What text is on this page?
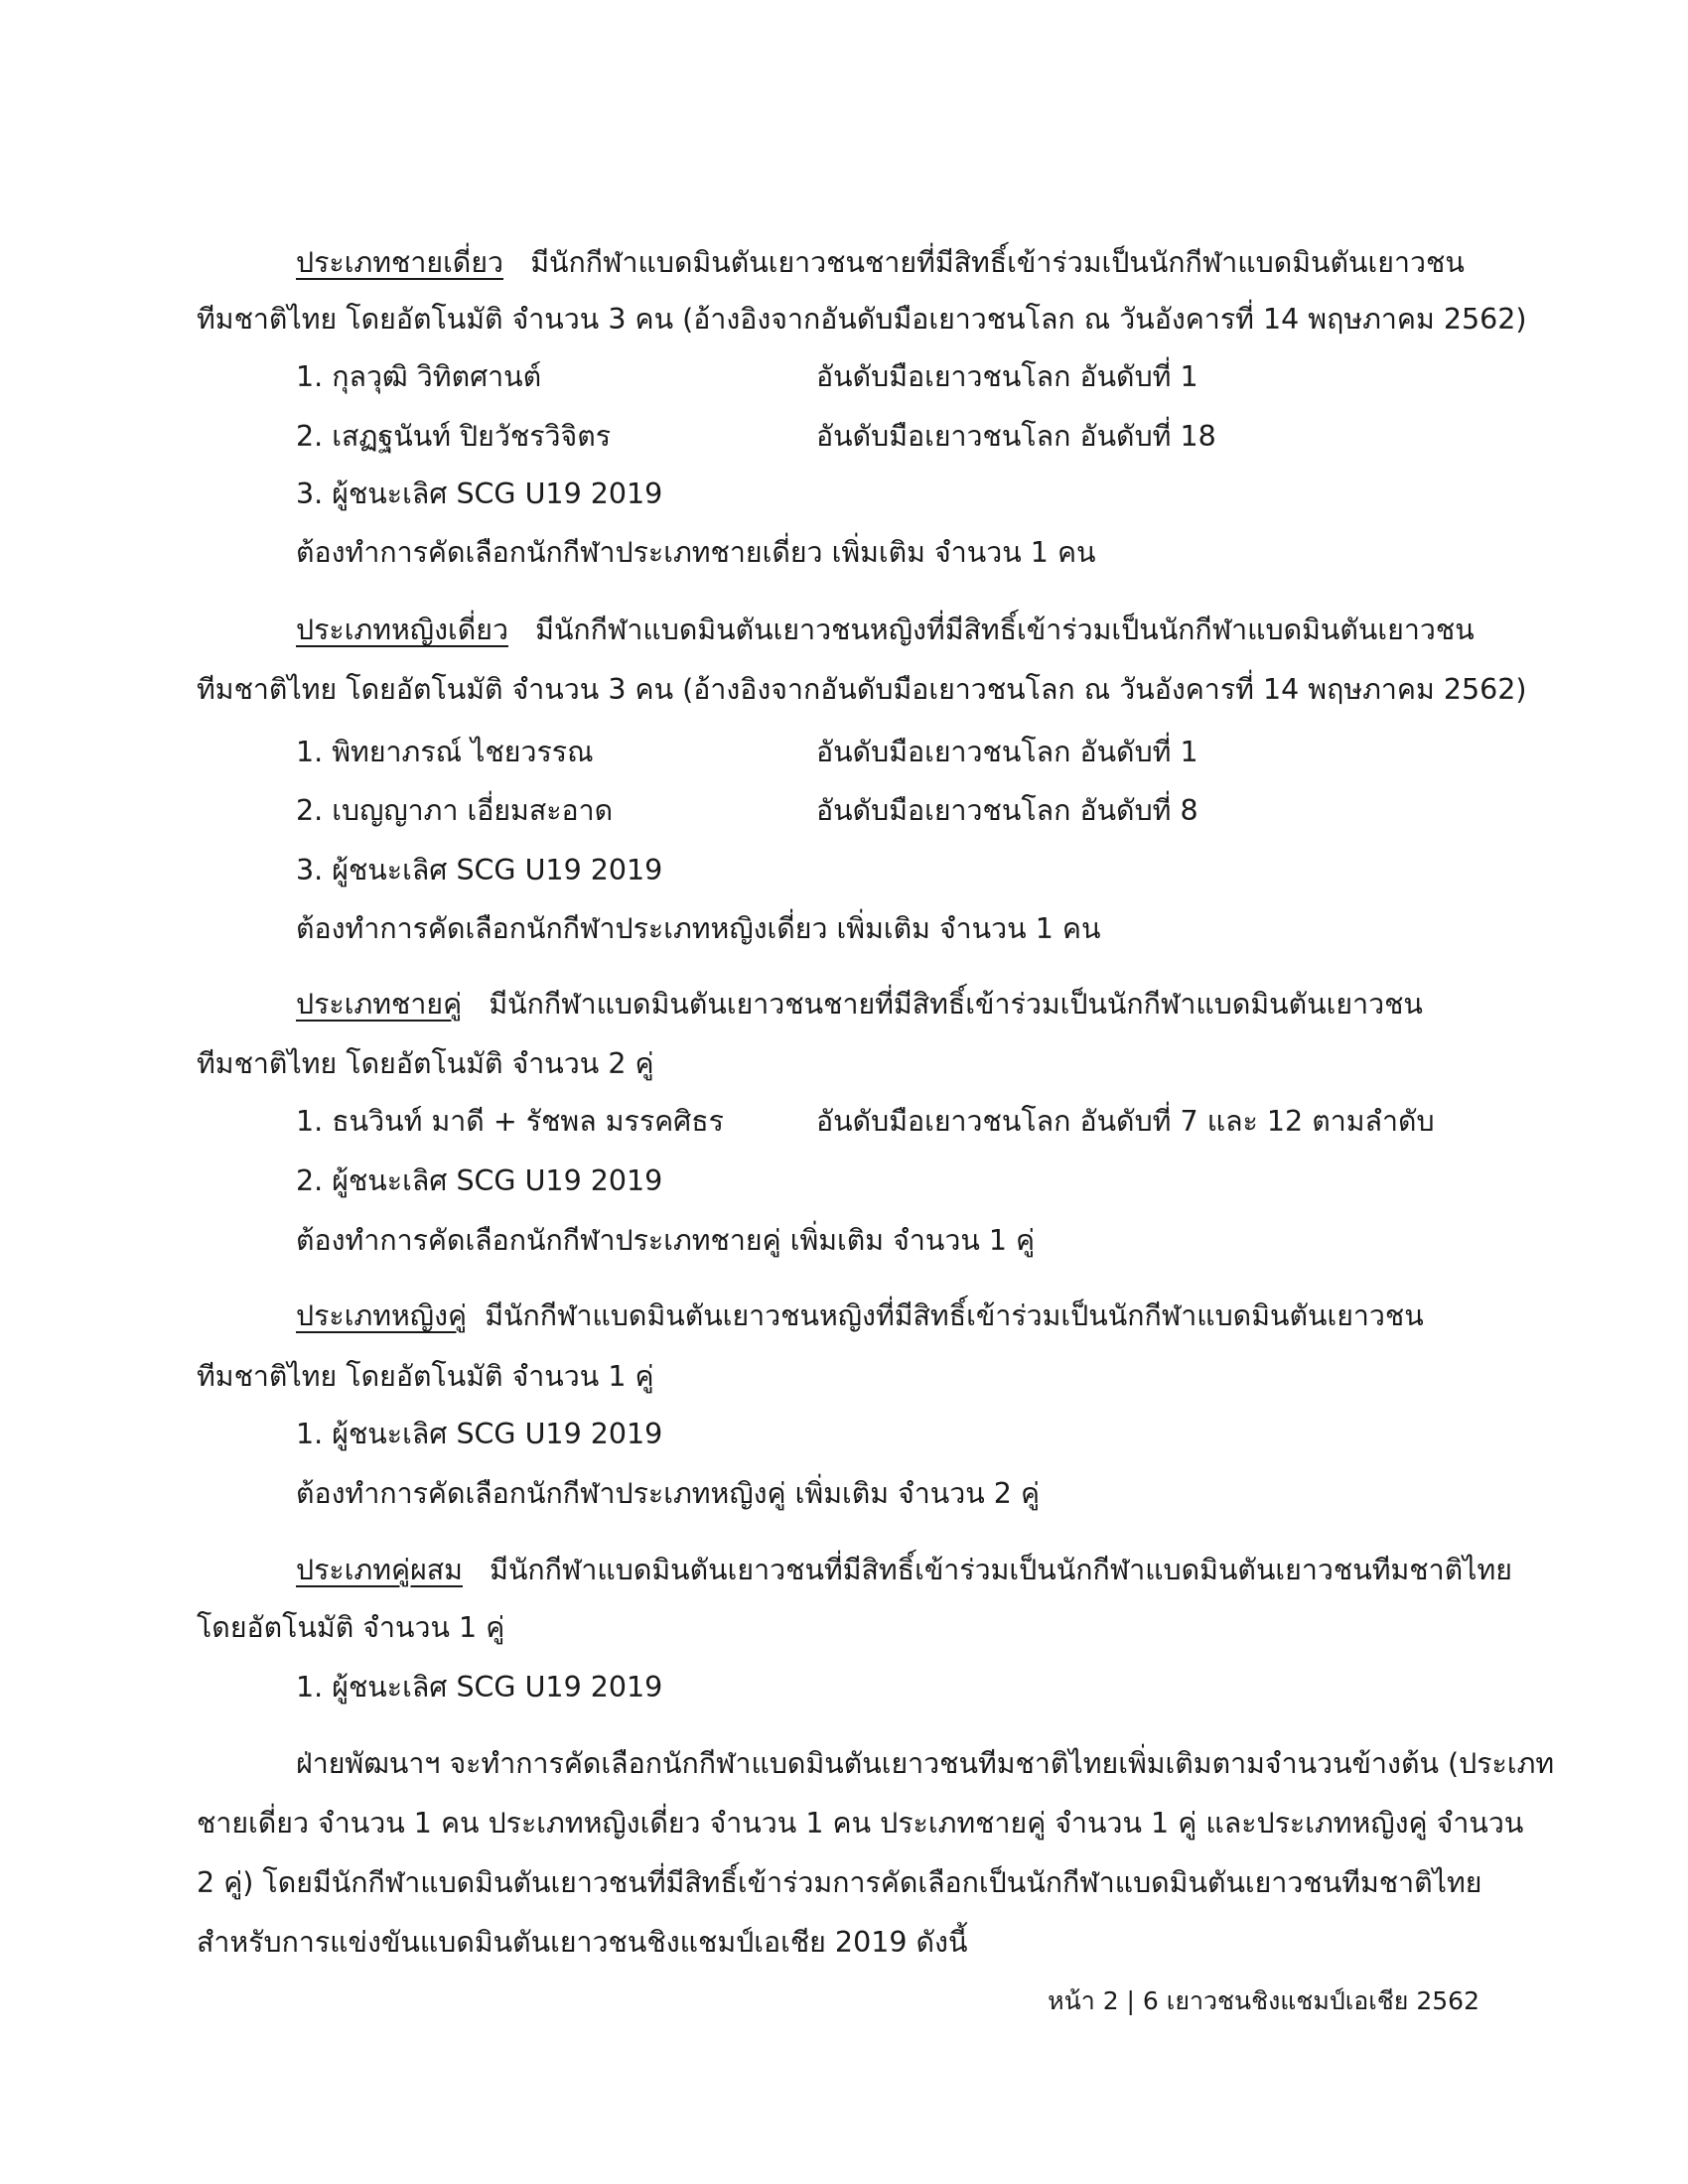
ประเภทชายเดี่ยว มีนักกีฬาแบดมินตันเยาวชนชายที่มีสิทธิ์เข้าร่วมเป็นนักกีฬาแบดมินตันเยาวชน
ทีมชาติไทย โดยอัตโนมัติ จำนวน 3 คน (อ้างอิงจากอันดับมือเยาวชนโลก ณ วันอังคารที่ 14 พฤษภาคม 2562)
1. กุลวุฒิ วิทิตศานต์	อันดับมือเยาวชนโลก อันดับที่ 1
2. เสฏฐนันท์ ปิยวัชรวิจิตร	อันดับมือเยาวชนโลก อันดับที่ 18
3. ผู้ชนะเลิศ SCG U19 2019
ต้องทำการคัดเลือกนักกีฬาประเภทชายเดี่ยว เพิ่มเติม จำนวน 1 คน
ประเภทหญิงเดี่ยว มีนักกีฬาแบดมินตันเยาวชนหญิงที่มีสิทธิ์เข้าร่วมเป็นนักกีฬาแบดมินตันเยาวชน
ทีมชาติไทย โดยอัตโนมัติ จำนวน 3 คน (อ้างอิงจากอันดับมือเยาวชนโลก ณ วันอังคารที่ 14 พฤษภาคม 2562)
1. พิทยาภรณ์ ไชยวรรณ	อันดับมือเยาวชนโลก อันดับที่ 1
2. เบญญาภา เอี่ยมสะอาด	อันดับมือเยาวชนโลก อันดับที่ 8
3. ผู้ชนะเลิศ SCG U19 2019
ต้องทำการคัดเลือกนักกีฬาประเภทหญิงเดี่ยว เพิ่มเติม จำนวน 1 คน
ประเภทชายคู่ มีนักกีฬาแบดมินตันเยาวชนชายที่มีสิทธิ์เข้าร่วมเป็นนักกีฬาแบดมินตันเยาวชน
ทีมชาติไทย โดยอัตโนมัติ จำนวน 2 คู่
1. ธนวินท์ มาดี + รัชพล มรรคศิธร	อันดับมือเยาวชนโลก อันดับที่ 7 และ 12 ตามลำดับ
2. ผู้ชนะเลิศ SCG U19 2019
ต้องทำการคัดเลือกนักกีฬาประเภทชายคู่ เพิ่มเติม จำนวน 1 คู่
ประเภทหญิงคู่ มีนักกีฬาแบดมินตันเยาวชนหญิงที่มีสิทธิ์เข้าร่วมเป็นนักกีฬาแบดมินตันเยาวชน
ทีมชาติไทย โดยอัตโนมัติ จำนวน 1 คู่
1. ผู้ชนะเลิศ SCG U19 2019
ต้องทำการคัดเลือกนักกีฬาประเภทหญิงคู่ เพิ่มเติม จำนวน 2 คู่
ประเภทคู่ผสม มีนักกีฬาแบดมินตันเยาวชนที่มีสิทธิ์เข้าร่วมเป็นนักกีฬาแบดมินตันเยาวชนทีมชาติไทย
โดยอัตโนมัติ จำนวน 1 คู่
1. ผู้ชนะเลิศ SCG U19 2019
ฝ่ายพัฒนาฯ จะทำการคัดเลือกนักกีฬาแบดมินตันเยาวชนทีมชาติไทยเพิ่มเติมตามจำนวนข้างต้น (ประเภท
ชายเดี่ยว จำนวน 1 คน ประเภทหญิงเดี่ยว จำนวน 1 คน ประเภทชายคู่ จำนวน 1 คู่ และประเภทหญิงคู่ จำนวน
2 คู่) โดยมีนักกีฬาแบดมินตันเยาวชนที่มีสิทธิ์เข้าร่วมการคัดเลือกเป็นนักกีฬาแบดมินตันเยาวชนทีมชาติไทย
สำหรับการแข่งขันแบดมินตันเยาวชนชิงแชมป์เอเชีย 2019 ดังนี้
หน้า 2 | 6 เยาวชนชิงแชมป์เอเชีย 2562
